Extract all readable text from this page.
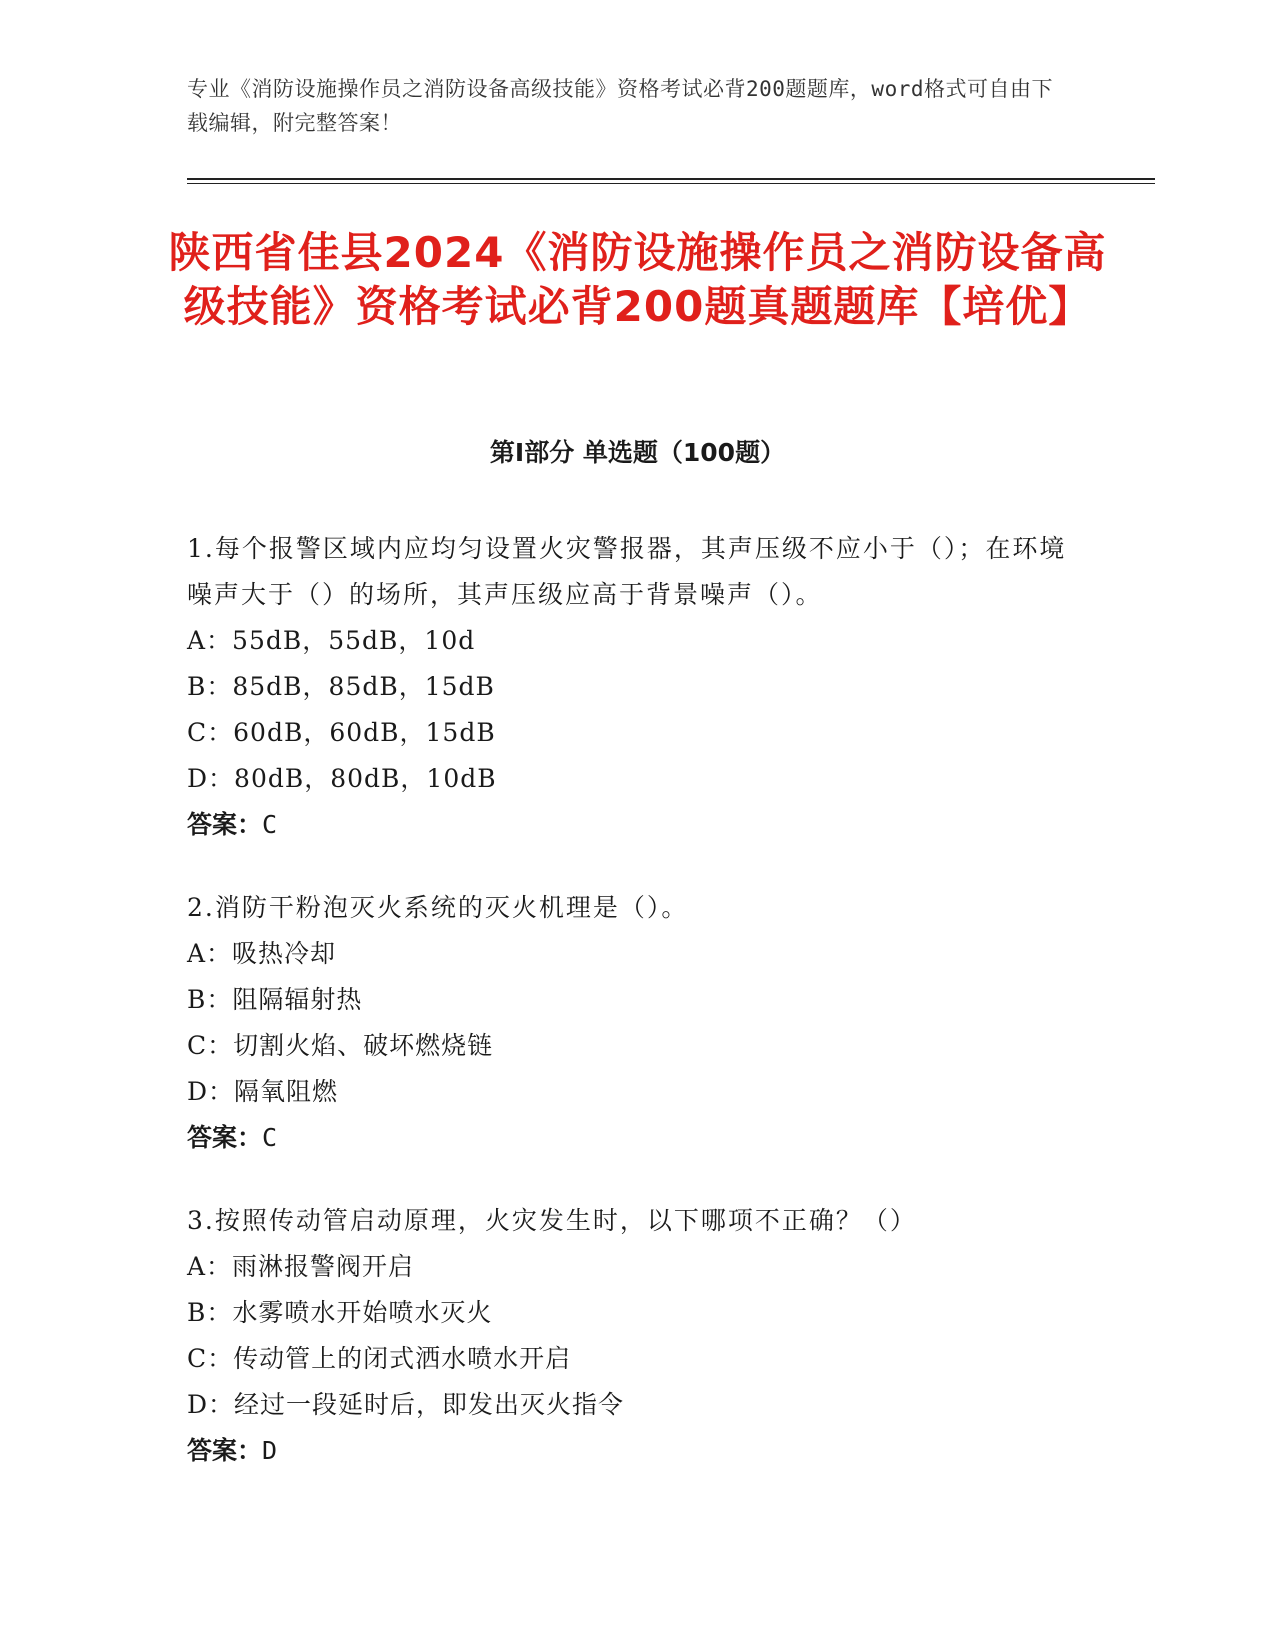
专业《消防设施操作员之消防设备高级技能》资格考试必背200题题库，word格式可自由下载编辑，附完整答案！
陕西省佳县2024《消防设施操作员之消防设备高级技能》资格考试必背200题真题题库【培优】
第I部分 单选题（100题）
1.每个报警区域内应均匀设置火灾警报器，其声压级不应小于（）；在环境噪声大于（）的场所，其声压级应高于背景噪声（）。
A：55dB，55dB，10d
B：85dB，85dB，15dB
C：60dB，60dB，15dB
D：80dB，80dB，10dB
答案：C
2.消防干粉泡灭火系统的灭火机理是（）。
A：吸热冷却
B：阻隔辐射热
C：切割火焰、破坏燃烧链
D：隔氧阻燃
答案：C
3.按照传动管启动原理，火灾发生时，以下哪项不正确？（）
A：雨淋报警阀开启
B：水雾喷水开始喷水灭火
C：传动管上的闭式洒水喷水开启
D：经过一段延时后，即发出灭火指令
答案：D
